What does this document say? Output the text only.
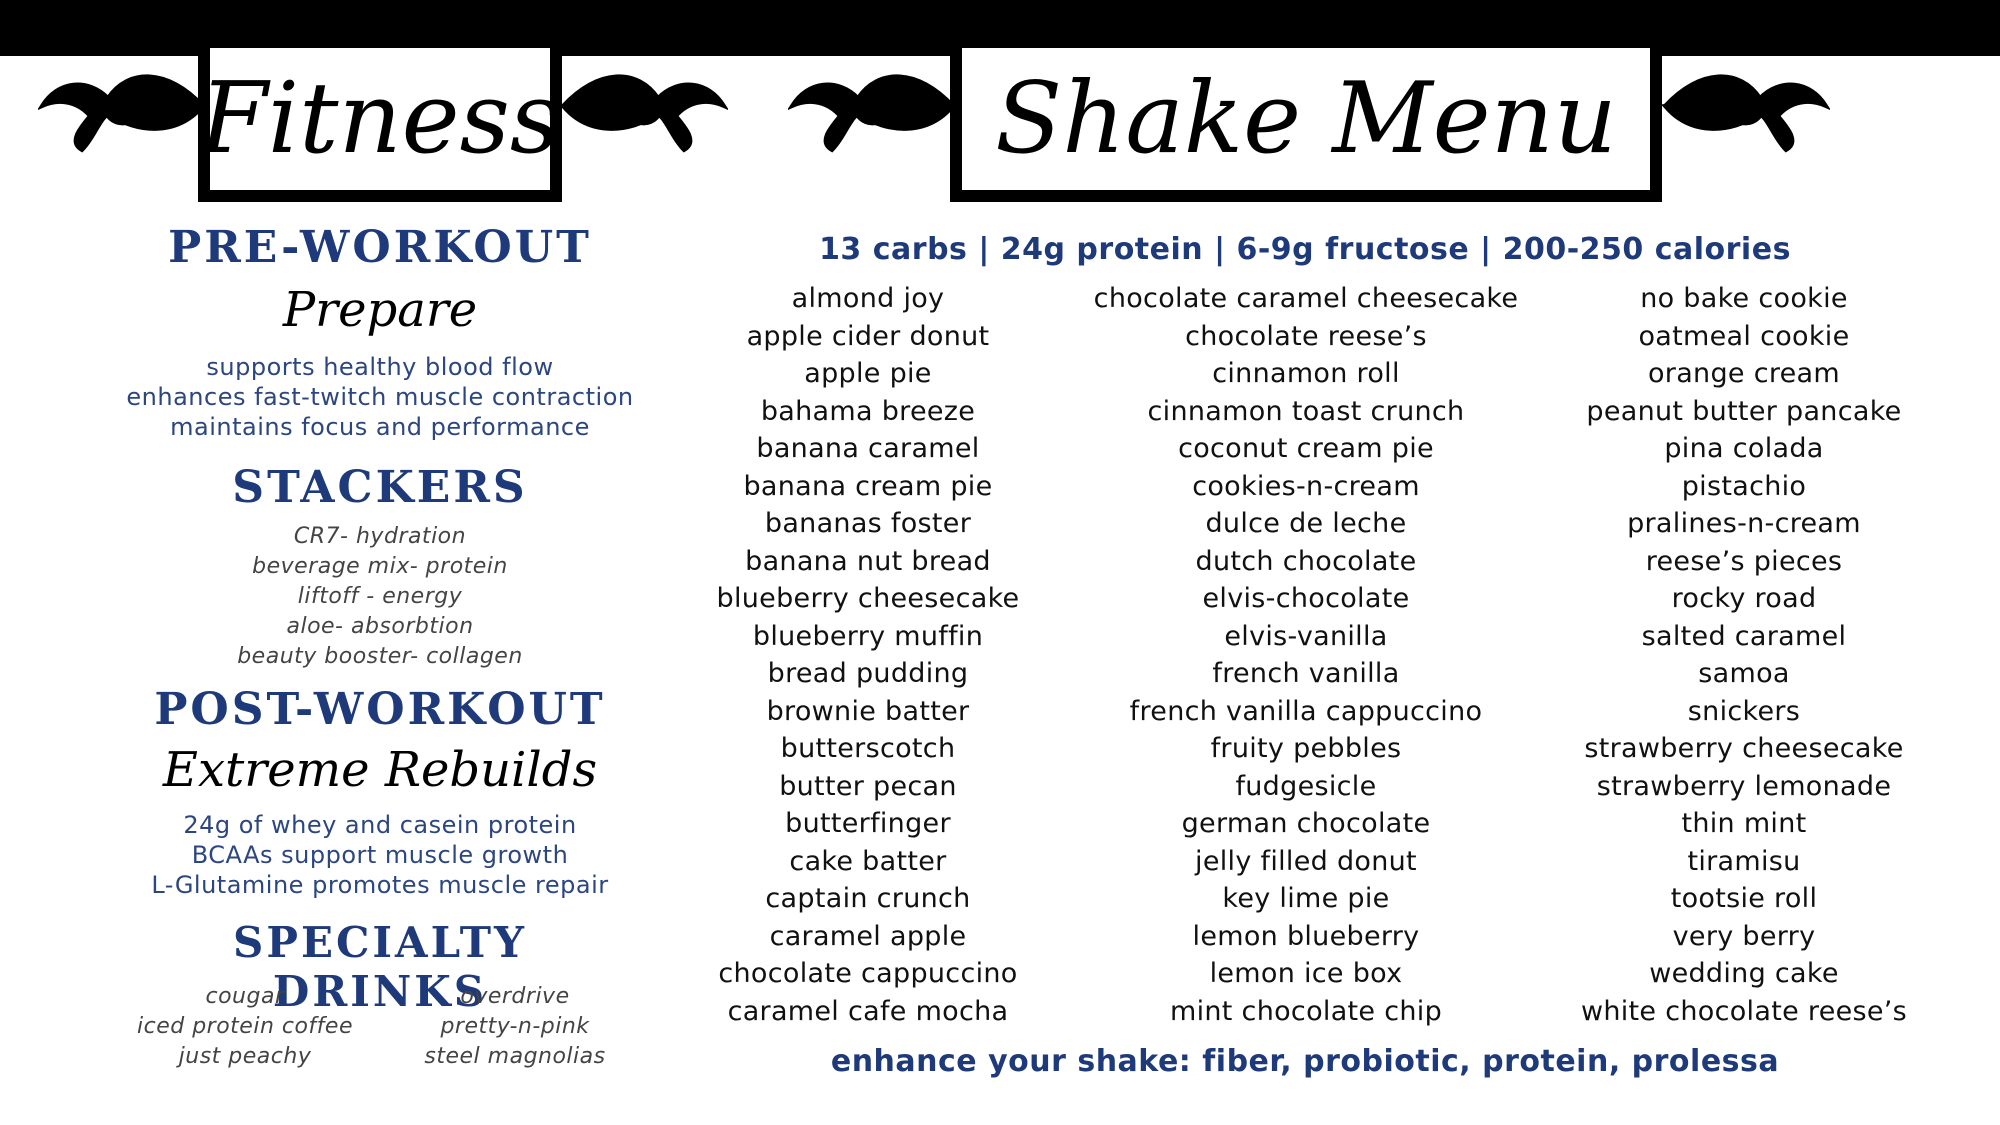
Fitness	Shake Menu
PRE-WORKOUT
Prepare
supports healthy blood flow
enhances fast-twitch muscle contraction
maintains focus and performance
STACKERS
CR7- hydration
beverage mix- protein
liftoff - energy
aloe- absorbtion
beauty booster- collagen
POST-WORKOUT
Extreme Rebuilds
24g of whey and casein protein
BCAAs support muscle growth
L-Glutamine promotes muscle repair
SPECIALTY DRINKS
cougar
iced protein coffee
just peachy
overdrive
pretty-n-pink
steel magnolias
13 carbs | 24g protein | 6-9g fructose | 200-250 calories
almond joy
apple cider donut
apple pie
bahama breeze
banana caramel
banana cream pie
bananas foster
banana nut bread
blueberry cheesecake
blueberry muffin
bread pudding
brownie batter
butterscotch
butter pecan
butterfinger
cake batter
captain crunch
caramel apple
chocolate cappuccino
caramel cafe mocha
chocolate caramel cheesecake
chocolate reese’s
cinnamon roll
cinnamon toast crunch
coconut cream pie
cookies-n-cream
dulce de leche
dutch chocolate
elvis-chocolate
elvis-vanilla
french vanilla
french vanilla cappuccino
fruity pebbles
fudgesicle
german chocolate
jelly filled donut
key lime pie
lemon blueberry
lemon ice box
mint chocolate chip
no bake cookie
oatmeal cookie
orange cream
peanut butter pancake
pina colada
pistachio
pralines-n-cream
reese’s pieces
rocky road
salted caramel
samoa
snickers
strawberry cheesecake
strawberry lemonade
thin mint
tiramisu
tootsie roll
very berry
wedding cake
white chocolate reese’s
enhance your shake: fiber, probiotic, protein, prolessa
